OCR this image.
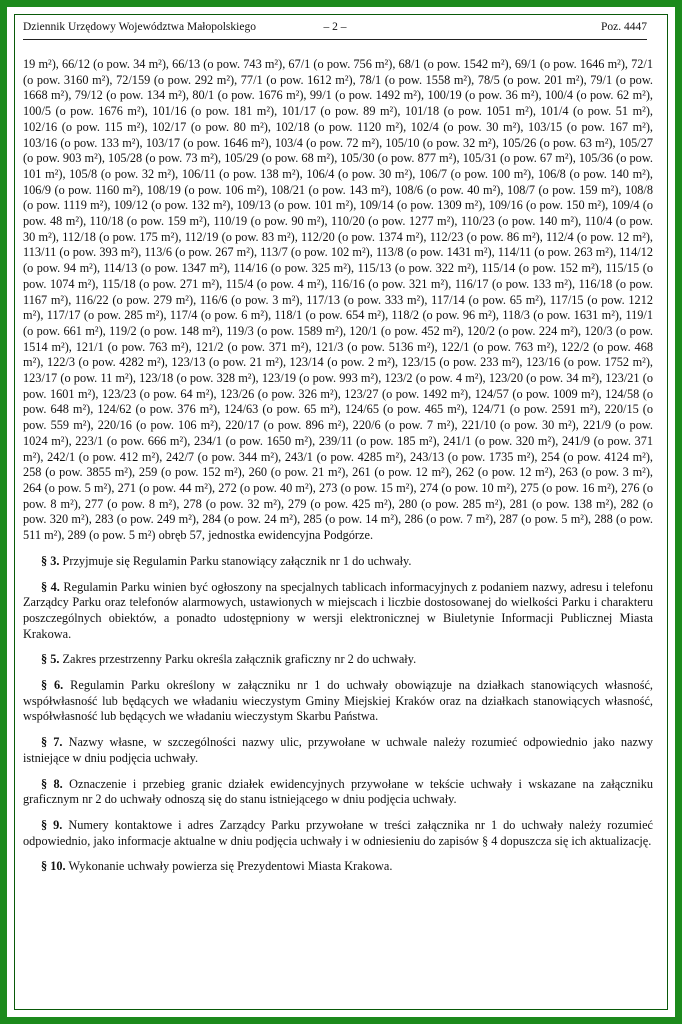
Dziennik Urzędowy Województwa Małopolskiego	– 2 –	Poz. 4447

19 m²), 66/12 (o pow. 34 m²), 66/13 (o pow. 743 m²), 67/1 (o pow. 756 m²), 68/1 (o pow. 1542 m²), 69/1 (o pow. 1646 m²), 72/1 (o pow. 3160 m²), 72/159 (o pow. 292 m²), 77/1 (o pow. 1612 m²), 78/1 (o pow. 1558 m²), 78/5 (o pow. 201 m²), 79/1 (o pow. 1668 m²), 79/12 (o pow. 134 m²), 80/1 (o pow. 1676 m²), 99/1 (o pow. 1492 m²), 100/19 (o pow. 36 m²), 100/4 (o pow. 62 m²), 100/5 (o pow. 1676 m²), 101/16 (o pow. 181 m²), 101/17 (o pow. 89 m²), 101/18 (o pow. 1051 m²), 101/4 (o pow. 51 m²), 102/16 (o pow. 115 m²), 102/17 (o pow. 80 m²), 102/18 (o pow. 1120 m²), 102/4 (o pow. 30 m²), 103/15 (o pow. 167 m²), 103/16 (o pow. 133 m²), 103/17 (o pow. 1646 m²), 103/4 (o pow. 72 m²), 105/10 (o pow. 32 m²), 105/26 (o pow. 63 m²), 105/27 (o pow. 903 m²), 105/28 (o pow. 73 m²), 105/29 (o pow. 68 m²), 105/30 (o pow. 877 m²), 105/31 (o pow. 67 m²), 105/36 (o pow. 101 m²), 105/8 (o pow. 32 m²), 106/11 (o pow. 138 m²), 106/4 (o pow. 30 m²), 106/7 (o pow. 100 m²), 106/8 (o pow. 140 m²), 106/9 (o pow. 1160 m²), 108/19 (o pow. 106 m²), 108/21 (o pow. 143 m²), 108/6 (o pow. 40 m²), 108/7 (o pow. 159 m²), 108/8 (o pow. 1119 m²), 109/12 (o pow. 132 m²), 109/13 (o pow. 101 m²), 109/14 (o pow. 1309 m²), 109/16 (o pow. 150 m²), 109/4 (o pow. 48 m²), 110/18 (o pow. 159 m²), 110/19 (o pow. 90 m²), 110/20 (o pow. 1277 m²), 110/23 (o pow. 140 m²), 110/4 (o pow. 30 m²), 112/18 (o pow. 175 m²), 112/19 (o pow. 83 m²), 112/20 (o pow. 1374 m²), 112/23 (o pow. 86 m²), 112/4 (o pow. 12 m²), 113/11 (o pow. 393 m²), 113/6 (o pow. 267 m²), 113/7 (o pow. 102 m²), 113/8 (o pow. 1431 m²), 114/11 (o pow. 263 m²), 114/12 (o pow. 94 m²), 114/13 (o pow. 1347 m²), 114/16 (o pow. 325 m²), 115/13 (o pow. 322 m²), 115/14 (o pow. 152 m²), 115/15 (o pow. 1074 m²), 115/18 (o pow. 271 m²), 115/4 (o pow. 4 m²), 116/16 (o pow. 321 m²), 116/17 (o pow. 133 m²), 116/18 (o pow. 1167 m²), 116/22 (o pow. 279 m²), 116/6 (o pow. 3 m²), 117/13 (o pow. 333 m²), 117/14 (o pow. 65 m²), 117/15 (o pow. 1212 m²), 117/17 (o pow. 285 m²), 117/4 (o pow. 6 m²), 118/1 (o pow. 654 m²), 118/2 (o pow. 96 m²), 118/3 (o pow. 1631 m²), 119/1 (o pow. 661 m²), 119/2 (o pow. 148 m²), 119/3 (o pow. 1589 m²), 120/1 (o pow. 452 m²), 120/2 (o pow. 224 m²), 120/3 (o pow. 1514 m²), 121/1 (o pow. 763 m²), 121/2 (o pow. 371 m²), 121/3 (o pow. 5136 m²), 122/1 (o pow. 763 m²), 122/2 (o pow. 468 m²), 122/3 (o pow. 4282 m²), 123/13 (o pow. 21 m²), 123/14 (o pow. 2 m²), 123/15 (o pow. 233 m²), 123/16 (o pow. 1752 m²), 123/17 (o pow. 11 m²), 123/18 (o pow. 328 m²), 123/19 (o pow. 993 m²), 123/2 (o pow. 4 m²), 123/20 (o pow. 34 m²), 123/21 (o pow. 1601 m²), 123/23 (o pow. 64 m²), 123/26 (o pow. 326 m²), 123/27 (o pow. 1492 m²), 124/57 (o pow. 1009 m²), 124/58 (o pow. 648 m²), 124/62 (o pow. 376 m²), 124/63 (o pow. 65 m²), 124/65 (o pow. 465 m²), 124/71 (o pow. 2591 m²), 220/15 (o pow. 559 m²), 220/16 (o pow. 106 m²), 220/17 (o pow. 896 m²), 220/6 (o pow. 7 m²), 221/10 (o pow. 30 m²), 221/9 (o pow. 1024 m²), 223/1 (o pow. 666 m²), 234/1 (o pow. 1650 m²), 239/11 (o pow. 185 m²), 241/1 (o pow. 320 m²), 241/9 (o pow. 371 m²), 242/1 (o pow. 412 m²), 242/7 (o pow. 344 m²), 243/1 (o pow. 4285 m²), 243/13 (o pow. 1735 m²), 254 (o pow. 4124 m²), 258 (o pow. 3855 m²), 259 (o pow. 152 m²), 260 (o pow. 21 m²), 261 (o pow. 12 m²), 262 (o pow. 12 m²), 263 (o pow. 3 m²), 264 (o pow. 5 m²), 271 (o pow. 44 m²), 272 (o pow. 40 m²), 273 (o pow. 15 m²), 274 (o pow. 10 m²), 275 (o pow. 16 m²), 276 (o pow. 8 m²), 277 (o pow. 8 m²), 278 (o pow. 32 m²), 279 (o pow. 425 m²), 280 (o pow. 285 m²), 281 (o pow. 138 m²), 282 (o pow. 320 m²), 283 (o pow. 249 m²), 284 (o pow. 24 m²), 285 (o pow. 14 m²), 286 (o pow. 7 m²), 287 (o pow. 5 m²), 288 (o pow. 511 m²), 289 (o pow. 5 m²) obręb 57, jednostka ewidencyjna Podgórze.

§ 3. Przyjmuje się Regulamin Parku stanowiący załącznik nr 1 do uchwały.

§ 4. Regulamin Parku winien być ogłoszony na specjalnych tablicach informacyjnych z podaniem nazwy, adresu i telefonu Zarządcy Parku oraz telefonów alarmowych, ustawionych w miejscach i liczbie dostosowanej do wielkości Parku i charakteru poszczególnych obiektów, a ponadto udostępniony w wersji elektronicznej w Biuletynie Informacji Publicznej Miasta Krakowa.

§ 5. Zakres przestrzenny Parku określa załącznik graficzny nr 2 do uchwały.

§ 6. Regulamin Parku określony w załączniku nr 1 do uchwały obowiązuje na działkach stanowiących własność, współwłasność lub będących we władaniu wieczystym Gminy Miejskiej Kraków oraz na działkach stanowiących własność, współwłasność lub będących we władaniu wieczystym Skarbu Państwa.

§ 7. Nazwy własne, w szczególności nazwy ulic, przywołane w uchwale należy rozumieć odpowiednio jako nazwy istniejące w dniu podjęcia uchwały.

§ 8. Oznaczenie i przebieg granic działek ewidencyjnych przywołane w tekście uchwały i wskazane na załączniku graficznym nr 2 do uchwały odnoszą się do stanu istniejącego w dniu podjęcia uchwały.

§ 9. Numery kontaktowe i adres Zarządcy Parku przywołane w treści załącznika nr 1 do uchwały należy rozumieć odpowiednio, jako informacje aktualne w dniu podjęcia uchwały i w odniesieniu do zapisów § 4 dopuszcza się ich aktualizację.

§ 10. Wykonanie uchwały powierza się Prezydentowi Miasta Krakowa.
